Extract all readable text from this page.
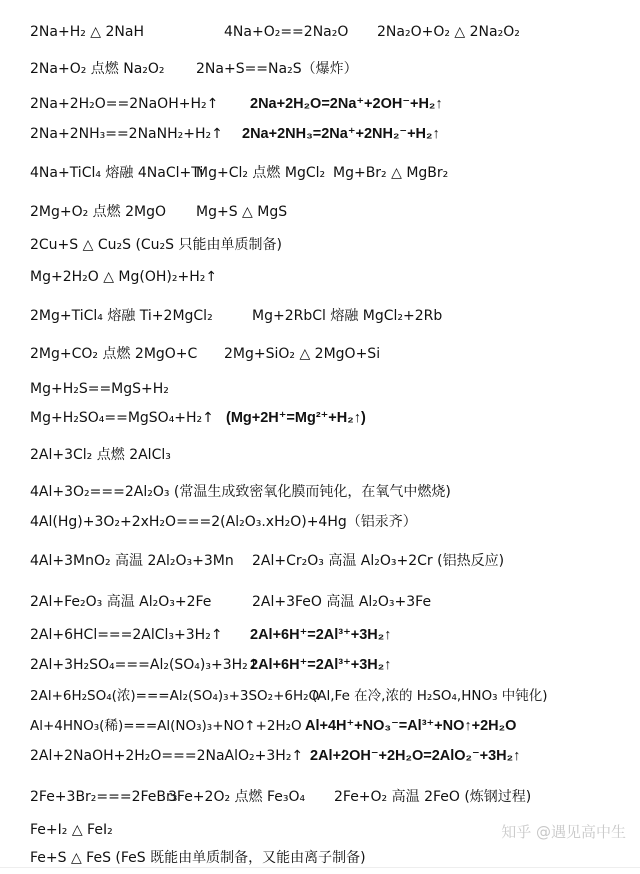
2Na+H₂ △ 2NaH	4Na+O₂==2Na₂O 2Na₂O+O₂ △ 2Na₂O₂
2Na+O₂ 点燃 Na₂O₂ 2Na+S==Na₂S（爆炸）
2Na+2H₂O==2NaOH+H₂↑ 2Na+2H₂O=2Na⁺+2OH⁻+H₂↑
2Na+2NH₃==2NaNH₂+H₂↑ 2Na+2NH₃=2Na⁺+2NH₂⁻+H₂↑
4Na+TiCl₄ 熔融 4NaCl+Ti
Mg+Cl₂ 点燃 MgCl₂ Mg+Br₂ △ MgBr₂
2Mg+O₂ 点燃 2MgO Mg+S △ MgS
2Cu+S △ Cu₂S (Cu₂S 只能由单质制备)
Mg+2H₂O △ Mg(OH)₂+H₂↑
2Mg+TiCl₄ 熔融 Ti+2MgCl₂	Mg+2RbCl 熔融 MgCl₂+2Rb
2Mg+CO₂ 点燃 2MgO+C 2Mg+SiO₂ △ 2MgO+Si
Mg+H₂S==MgS+H₂
Mg+H₂SO₄==MgSO₄+H₂↑ (Mg+2H⁺=Mg²⁺+H₂↑)
2Al+3Cl₂ 点燃 2AlCl₃
4Al+3O₂===2Al₂O₃ (常温生成致密氧化膜而钝化，在氧气中燃烧)
4Al(Hg)+3O₂+2xH₂O===2(Al₂O₃.xH₂O)+4Hg（铝汞齐）
4Al+3MnO₂ 高温 2Al₂O₃+3Mn 2Al+Cr₂O₃ 高温 Al₂O₃+2Cr (铝热反应)
2Al+Fe₂O₃ 高温 Al₂O₃+2Fe	2Al+3FeO 高温 Al₂O₃+3Fe
2Al+6HCl===2AlCl₃+3H₂↑ 2Al+6H⁺=2Al³⁺+3H₂↑
2Al+3H₂SO₄===Al₂(SO₄)₃+3H₂↑
2Al+6H⁺=2Al³⁺+3H₂↑
2Al+6H₂SO₄(浓)===Al₂(SO₄)₃+3SO₂+6H₂O
(Al,Fe 在冷,浓的 H₂SO₄,HNO₃ 中钝化)
Al+4HNO₃(稀)===Al(NO₃)₃+NO↑+2H₂O Al+4H⁺+NO₃⁻=Al³⁺+NO↑+2H₂O
2Al+2NaOH+2H₂O===2NaAlO₂+3H₂↑ 2Al+2OH⁻+2H₂O=2AlO₂⁻+3H₂↑
2Fe+3Br₂===2FeBr₃
3Fe+2O₂ 点燃 Fe₃O₄ 2Fe+O₂ 高温 2FeO (炼钢过程)
Fe+I₂ △ FeI₂
Fe+S △ FeS (FeS 既能由单质制备，又能由离子制备)
知乎 @遇见高中生
